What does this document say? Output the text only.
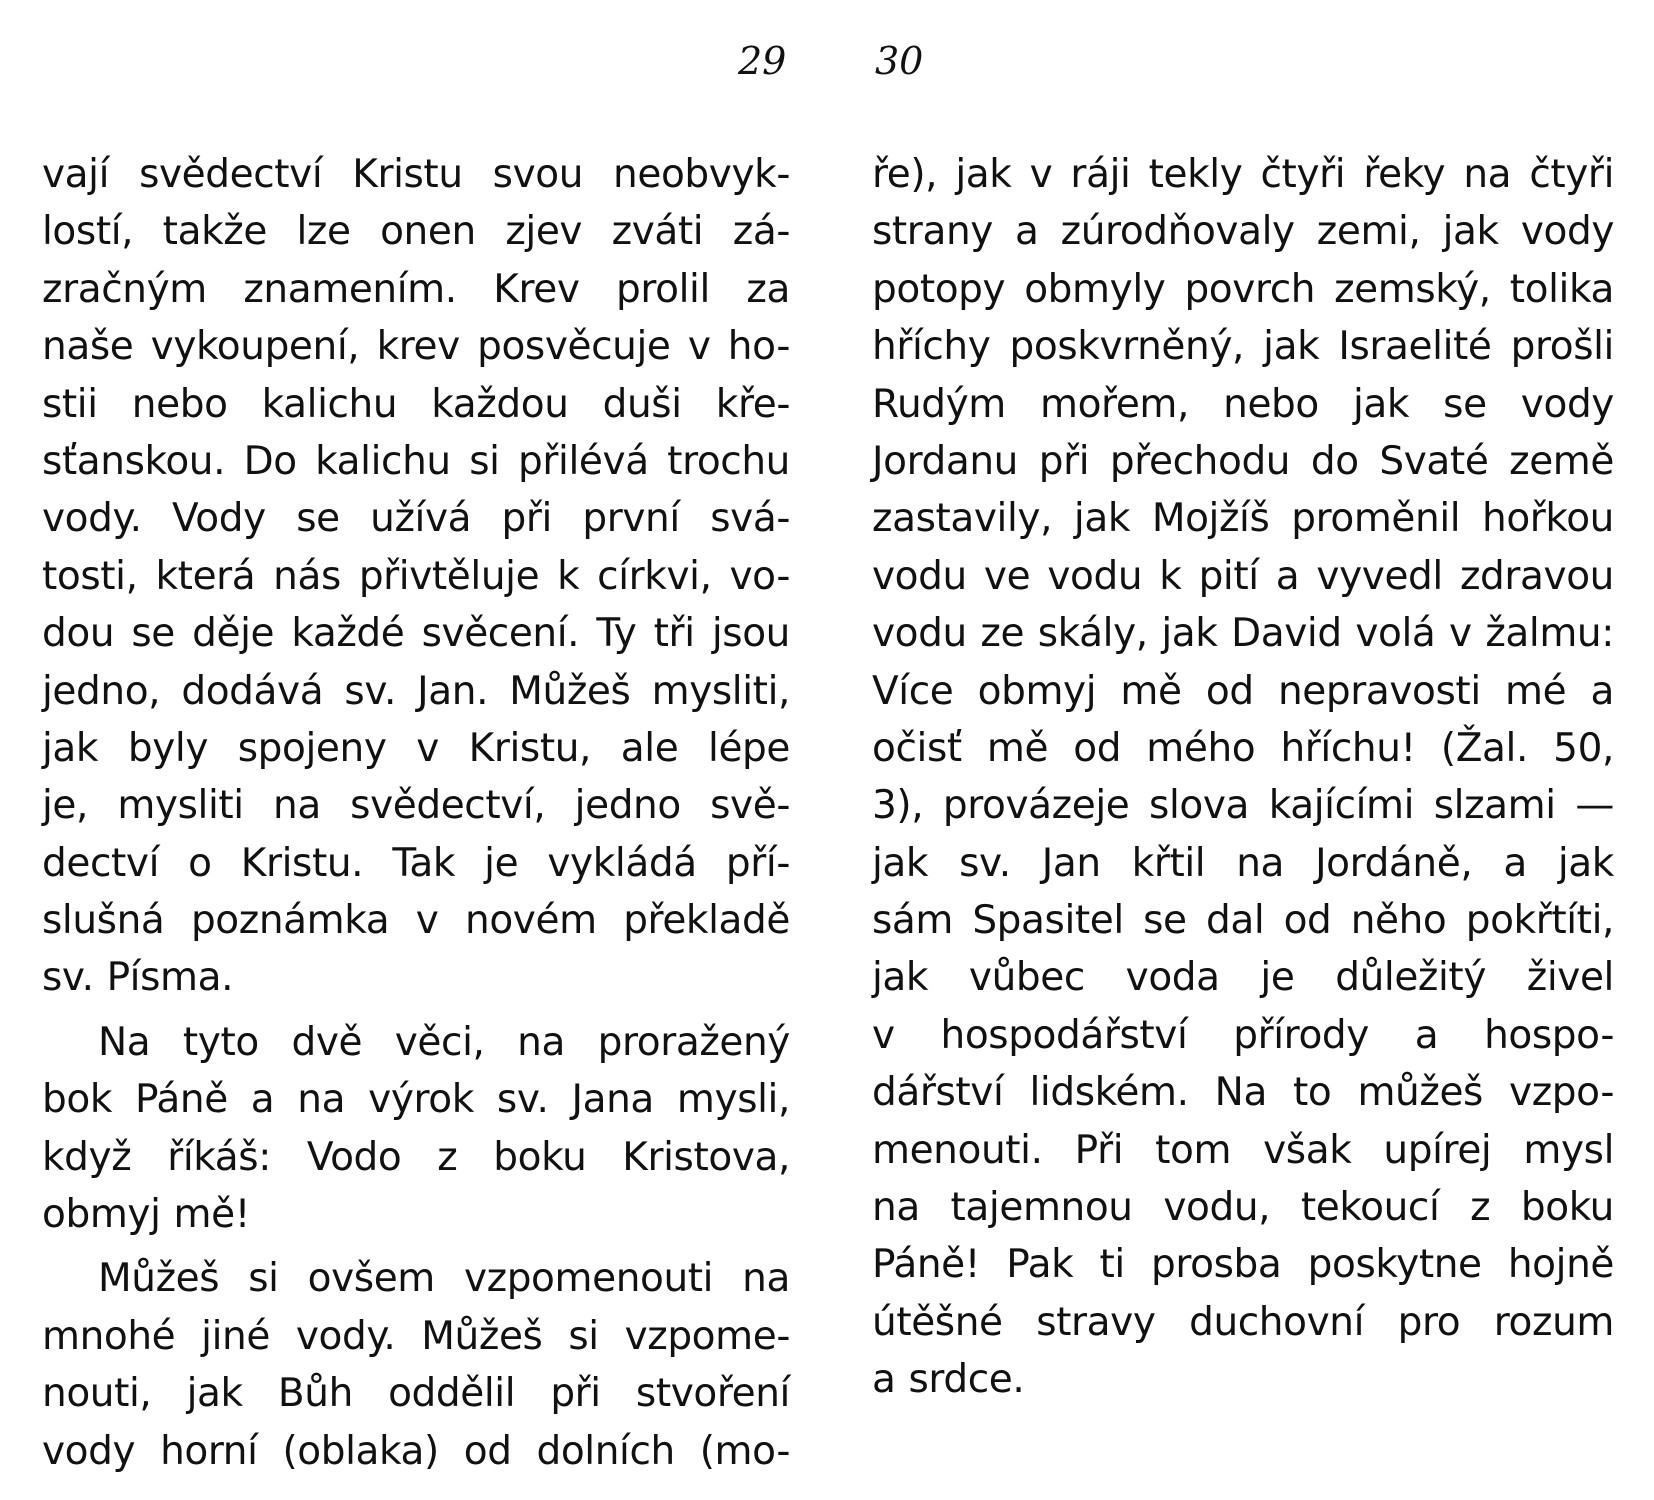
29 30
vají svědectví Kristu svou neobvyk-
lostí, takže lze onen zjev zváti zá-
zračným znamením. Krev prolil za
naše vykoupení, krev posvěcuje v ho-
stii nebo kalichu každou duši kře-
sťanskou. Do kalichu si přilévá trochu
vody. Vody se užívá při první svá-
tosti, která nás přivtěluje k církvi, vo-
dou se děje každé svěcení. Ty tři jsou
jedno, dodává sv. Jan. Můžeš mysliti,
jak byly spojeny v Kristu, ale lépe
je, mysliti na svědectví, jedno svě-
dectví o Kristu. Tak je vykládá pří-
slušná poznámka v novém překladě
sv. Písma.
Na tyto dvě věci, na proražený
bok Páně a na výrok sv. Jana mysli,
když říkáš: Vodo z boku Kristova,
obmyj mě!
Můžeš si ovšem vzpomenouti na
mnohé jiné vody. Můžeš si vzpome-
nouti, jak Bůh oddělil při stvoření
vody horní (oblaka) od dolních (mo-
ře), jak v ráji tekly čtyři řeky na čtyři
strany a zúrodňovaly zemi, jak vody
potopy obmyly povrch zemský, tolika
hříchy poskvrněný, jak Israelité prošli
Rudým mořem, nebo jak se vody
Jordanu při přechodu do Svaté země
zastavily, jak Mojžíš proměnil hořkou
vodu ve vodu k pití a vyvedl zdravou
vodu ze skály, jak David volá v žalmu:
Více obmyj mě od nepravosti mé a
očisť mě od mého hříchu! (Žal. 50,
3), provázeje slova kajícími slzami —
jak sv. Jan křtil na Jordáně, a jak
sám Spasitel se dal od něho pokřtíti,
jak vůbec voda je důležitý živel
v hospodářství přírody a hospo-
dářství lidském. Na to můžeš vzpo-
menouti. Při tom však upírej mysl
na tajemnou vodu, tekoucí z boku
Páně! Pak ti prosba poskytne hojně
útěšné stravy duchovní pro rozum
a srdce.
